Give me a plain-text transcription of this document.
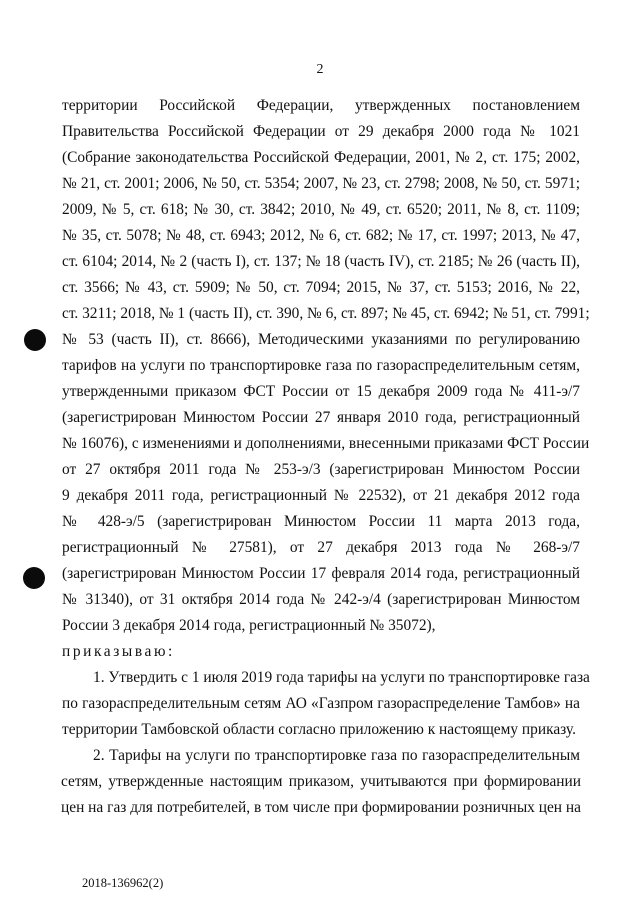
2
территории Российской Федерации, утвержденных постановлением
Правительства Российской Федерации от 29 декабря 2000 года № 1021
(Собрание законодательства Российской Федерации, 2001, № 2, ст. 175; 2002,
№ 21, ст. 2001; 2006, № 50, ст. 5354; 2007, № 23, ст. 2798; 2008, № 50, ст. 5971;
2009, № 5, ст. 618; № 30, ст. 3842; 2010, № 49, ст. 6520; 2011, № 8, ст. 1109;
№ 35, ст. 5078; № 48, ст. 6943; 2012, № 6, ст. 682; № 17, ст. 1997; 2013, № 47,
ст. 6104; 2014, № 2 (часть I), ст. 137; № 18 (часть IV), ст. 2185; № 26 (часть II),
ст. 3566; № 43, ст. 5909; № 50, ст. 7094; 2015, № 37, ст. 5153; 2016, № 22,
ст. 3211; 2018, № 1 (часть II), ст. 390, № 6, ст. 897; № 45, ст. 6942; № 51, ст. 7991;
№ 53 (часть II), ст. 8666), Методическими указаниями по регулированию
тарифов на услуги по транспортировке газа по газораспределительным сетям,
утвержденными приказом ФСТ России от 15 декабря 2009 года № 411-э/7
(зарегистрирован Минюстом России 27 января 2010 года, регистрационный
№ 16076), с изменениями и дополнениями, внесенными приказами ФСТ России
от 27 октября 2011 года № 253-э/3 (зарегистрирован Минюстом России
9 декабря 2011 года, регистрационный № 22532), от 21 декабря 2012 года
№ 428-э/5 (зарегистрирован Минюстом России 11 марта 2013 года,
регистрационный № 27581), от 27 декабря 2013 года № 268-э/7
(зарегистрирован Минюстом России 17 февраля 2014 года, регистрационный
№ 31340), от 31 октября 2014 года № 242-э/4 (зарегистрирован Минюстом
России 3 декабря 2014 года, регистрационный № 35072),
приказываю:
1. Утвердить с 1 июля 2019 года тарифы на услуги по транспортировке газа
по газораспределительным сетям АО «Газпром газораспределение Тамбов» на
территории Тамбовской области согласно приложению к настоящему приказу.
2. Тарифы на услуги по транспортировке газа по газораспределительным
сетям, утвержденные настоящим приказом, учитываются при формировании
цен на газ для потребителей, в том числе при формировании розничных цен на
2018-136962(2)
